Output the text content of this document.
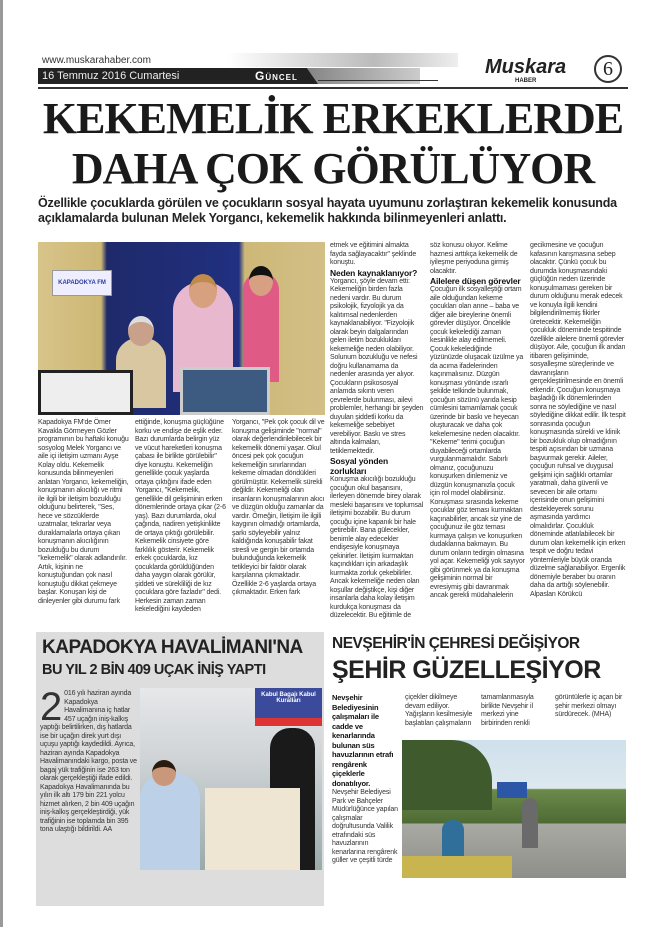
www.muskarahaber.com
16 Temmuz 2016 Cumartesi	Güncel	Muskara
HABER
6
KEKEMELİK ERKEKLERDE
DAHA ÇOK GÖRÜLÜYOR
Özellikle çocuklarda görülen ve çocukların sosyal hayata uyumunu zorlaştıran kekemelik konusunda açıklamalarda bulunan Melek Yorgancı, kekemelik hakkında bilinmeyenleri anlattı.
KAPADOKYA FM
Kapadokya FM'de Ömer Kavakla Görmeyen Gözler programının bu haftaki konuğu sosyolog Melek Yorgancı ve aile içi iletişim uzmanı Ayşe Kolay oldu. Kekemelik konusunda bilinmeyenleri anlatan Yorgancı, kekemeliğin, konuşmanın akıcılığı ve ritmi ile ilgili bir iletişim bozukluğu olduğunu belirterek, "Ses, hece ve sözcüklerde uzatmalar, tekrarlar veya duraklamalarla ortaya çıkan konuşmanın akıcılığının bozulduğu bu durum "kekemelik" olarak adlandırılır. Artık, kişinin ne konuştuğundan çok nasıl konuştuğu dikkat çekmeye başlar. Konuşan kişi de dinleyenler gibi durumu fark
ettiğinde, konuşma güçlüğüne korku ve endişe de eşlik eder. Bazı durumlarda belirgin yüz ve vücut hareketleri konuşma çabası ile birlikte görülebilir" diye konuştu. Kekemeliğin genellikle çocuk yaşlarda ortaya çıktığını ifade eden Yorgancı, "Kekemelik, genellikle dil gelişiminin erken dönemlerinde ortaya çıkar (2-6 yaş). Bazı durumlarda, okul çağında, nadiren yetişkinlikte de ortaya çıktığı görülebilir. Kekemelik cinsiyete göre farklılık gösterir. Kekemelik erkek çocuklarda, kız çocuklarda görüldüğünden daha yaygın olarak görülür, şiddeti ve sürekliliği de kız çocuklara göre fazladır" dedi. Herkesin zaman zaman kekelediğini kaydeden
Yorgancı, "Pek çok çocuk dil ve konuşma gelişiminde "normal" olarak değerlendirilebilecek bir kekemelik dönemi yaşar. Okul öncesi pek çok çocuğun kekemeliğin sınırlarından kekeme olmadan döndükleri görülmüştür. Kekemelik sürekli değildir. Kekemeliği olan insanların konuşmalarının akıcı ve düzgün olduğu zamanlar da vardır. Örneğin, İletişim ile ilgili kaygının olmadığı ortamlarda, şarkı söyleyebilir yalnız kaldığında konuşabilir fakat stresli ve gergin bir ortamda bulunduğunda kekemelik tetikleyici bir faktör olarak karşılanna çıkmaktadır. Özellikle 2-6 yaşlarda ortaya çıkmaktadır. Erken fark

etmek ve eğitimini almakta fayda sağlayacaktır" şeklinde konuştu.

Neden kaynaklanıyor?

Yorgancı, şöyle devam etti: Kekemeliğin birden fazla nedeni vardır. Bu durum psikolojik, fizyolojik ya da kalıtımsal nedenlerden kaynaklanabiliyor. "Fizyolojik olarak beyin dalgalarından gelen iletim bozuklukları kekemeliğe neden olabiliyor. Solunum bozukluğu ve nefesi doğru kullanamama da nedenler arasında yer alıyor. Çocukların psikososyal anlamda sıkıntı veren çevrelerde bulunması, ailevi problemler, herhangi bir şeyden duyulan şiddetli korku da kekemeliğe sebebiyet verebiliyor. Baskı ve stres altında kalmaları, tetiklemektedir.

Sosyal yönden zorlukları

Konuşma akıcılığı bozukluğu çocuğun okul başarısını, ilerleyen dönemde birey olarak mesleki başarısını ve toplumsal iletişimi bozabilir. Bu durum çocuğu içine kapanık bir hale getirebilir. Bana gülecekler, benimle alay edecekler endişesiyle konuşmaya çekinirler. İletişim kurmaktan kaçındıkları için arkadaşlık kurmakta zorluk çekebilirler. Ancak kekemeliğe neden olan koşullar değiştikçe, kişi diğer insanlarla daha kolay iletişim kurdukça konuşması da düzelecektir. Bu eğitimle de

söz konusu oluyor. Kelime haznesi arttıkça kekemelik de iyileşme periyoduna girmiş olacaktır.

Ailelere düşen görevler

Çocuğun ilk sosyalleştiği ortam aile olduğundan kekeme çocukları olan anne – baba ve diğer aile bireylerine önemli görevler düşüyor. Öncelikle çocuk kekelediği zaman kesinlikle alay edilmemeli. Çocuk kekelediğinde yüzünüzde oluşacak üzülme ya da acıma ifadelerinden kaçınmalısınız. Düzgün konuşması yönünde ısrarlı şekilde telkinde bulunmak, çocuğun sözünü yarıda kesip cümlesini tamamlamak çocuk üzerinde bir baskı ve heyecan oluşturacak ve daha çok kekelemesine neden olacaktır. "Kekeme" terimi çocuğun duyabileceği ortamlarda vurgulanmamalıdır. Sabırlı olmanız, çocuğunuzu konuşurken dinlemeniz ve düzgün konuşmanızla çocuk için rol model olabilirsiniz. Konuşması sırasında kekeme çocuklar göz teması kurmaktan kaçınabilirler, ancak siz yine de çocuğunuz ile göz teması kurmaya çalışın ve konuşurken dudaklarına bakmayın. Bu durum onların tedirgin olmasına yol açar. Kekemeliği yok sayıyor gibi görünmek ya da konuşma gelişiminin normal bir evresiymiş gibi davranmak ancak gerekli müdahalelerin

gecikmesine ve çocuğun kafasının karışmasına sebep olacaktır. Çünkü çocuk bu durumda konuşmasındaki güçlüğün neden üzerinde konuşulmaması gereken bir durum olduğunu merak edecek ve konuyla ilgili kendini bilgilendirilmemiş fikirler üretecektir. Kekemeliğin çocukluk döneminde tespitinde özellikle ailelere önemli görevler düşüyor. Aile, çocuğun ilk andan itibaren gelişiminde, sosyalleşme süreçlerinde ve davranışların gerçekleştirilmesinde en önemli etkendir. Çocuğun konuşmaya başladığı ilk dönemlerinden sonra ne söylediğine ve nasıl söylediğine dikkat edilir. İlk tespit sonrasında çocuğun konuşmasında sürekli ve klinik bir bozukluk olup olmadığının tespiti açısından bir uzmana başvurmak gerekir. Aileler, çocuğun ruhsal ve duygusal gelişimi için sağlıklı ortamlar yaratmalı, daha güvenli ve sevecen bir aile ortamı içerisinde onun gelişimini destekleyerek sorunu aşmasında yardımcı olmalıdırlar. Çocukluk döneminde atlatılabilecek bir durum olan kekemelik için erken tespit ve doğru tedavi yöntemleriyle büyük oranda düzelme sağlanabiliyor. Ergenlik dönemiyle beraber bu oranın daha da arttığı söylenebilir. Alpaslan Körükcü
KAPADOKYA HAVALİMANI'NA
BU YIL 2 BİN 409 UÇAK İNİŞ YAPTI
2 016 yılı haziran ayında Kapadokya Havalimanına iç hatlar 457 uçağın iniş-kalkış yaptığı belirtilirken, dış hatlarda ise bir uçağın direk yurt dışı uçuşu yaptığı kaydedildi. Ayrıca, haziran ayında Kapadokya Havalimanındaki kargo, posta ve bagaj yük trafiğinin ise 263 ton olarak gerçekleştiği ifade edildi. Kapadokya Havalimanında bu yılın ilk altı 179 bin 221 yolcu hizmet alırken, 2 bin 409 uçağın iniş-kalkış gerçekleştirdiği, yük trafiğinin ise toplamda bin 395 tona ulaştığı bildirildi. AA
Kabul Bagajı Kabul Kuralları
NEVŞEHİR'İN ÇEHRESİ DEĞİŞİYOR
ŞEHİR GÜZELLEŞİYOR
Nevşehir Belediyesinin çalışmaları ile cadde ve kenarlarında bulunan süs havuzlarının etrafı rengârenk çiçeklerle donatılıyor. Nevşehir Belediyesi Park ve Bahçeler Müdürlüğünce yapılan çalışmalar doğrultusunda Valilik etrafındaki süs havuzlarının kenarlarına rengârenk güller ve çeşitli türde
çiçekler dikilmeye devam ediliyor. Yağışların kesilmesiyle başlatılan çalışmaların
tamamlanmasıyla birlikte Nevşehir il merkezi yine birbirinden renkli
görüntülerle iç açan bir şehir merkezi olmayı sürdürecek. (MHA)
